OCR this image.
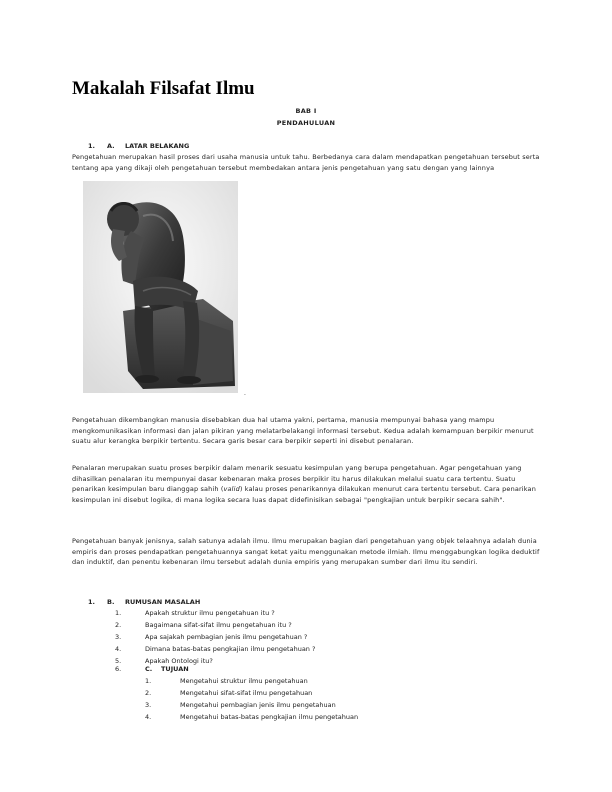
Makalah Filsafat Ilmu
BAB I
PENDAHULUAN
1. A. LATAR BELAKANG

Pengetahuan merupakan hasil proses dari usaha manusia untuk tahu. Berbedanya cara dalam mendapatkan pengetahuan tersebut serta tentang apa yang dikaji oleh pengetahuan tersebut membedakan antara jenis pengetahuan yang satu dengan yang lainnya

.

Pengetahuan dikembangkan manusia disebabkan dua hal utama yakni, pertama, manusia mempunyai bahasa yang mampu mengkomunikasikan informasi dan jalan pikiran yang melatarbelakangi informasi tersebut. Kedua adalah kemampuan berpikir menurut suatu alur kerangka berpikir tertentu. Secara garis besar cara berpikir seperti ini disebut penalaran.

Penalaran merupakan suatu proses berpikir dalam menarik sesuatu kesimpulan yang berupa pengetahuan. Agar pengetahuan yang dihasilkan penalaran itu mempunyai dasar kebenaran maka proses berpikir itu harus dilakukan melalui suatu cara tertentu. Suatu penarikan kesimpulan baru dianggap sahih (valid) kalau proses penarikannya dilakukan menurut cara tertentu tersebut. Cara penarikan kesimpulan ini disebut logika, di mana logika secara luas dapat didefinisikan sebagai "pengkajian untuk berpikir secara sahih".

Pengetahuan banyak jenisnya, salah satunya adalah ilmu. Ilmu merupakan bagian dari pengetahuan yang objek telaahnya adalah dunia empiris dan proses pendapatkan pengetahuannya sangat ketat yaitu menggunakan metode ilmiah. Ilmu menggabungkan logika deduktif dan induktif, dan penentu kebenaran ilmu tersebut adalah dunia empiris yang merupakan sumber dari ilmu itu sendiri.

1. B. RUMUSAN MASALAH
1.	Apakah struktur ilmu pengetahuan itu ?
2.	Bagaimana sifat-sifat ilmu pengetahuan itu ?
3.	Apa sajakah pembagian jenis ilmu pengetahuan ?
4.	Dimana batas-batas pengkajian ilmu pengetahuan ?
5.	Apakah Ontologi itu?
6.	C. TUJUAN
1.	Mengetahui struktur ilmu pengetahuan
2.	Mengetahui sifat-sifat ilmu pengetahuan
3.	Mengetahui pembagian jenis ilmu pengetahuan
4.	Mengetahui batas-batas pengkajian ilmu pengetahuan
